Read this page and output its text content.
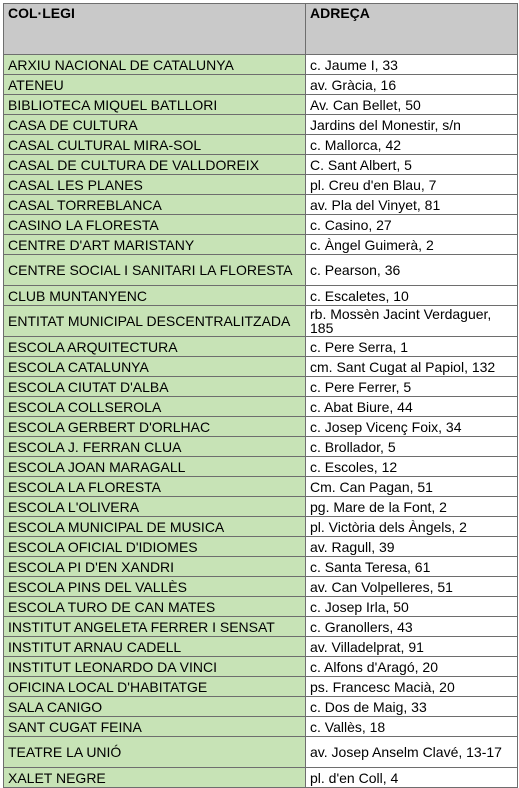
COL·LEGI	ADREÇA
ARXIU NACIONAL DE CATALUNYA	c. Jaume I, 33
ATENEU	av. Gràcia, 16
BIBLIOTECA MIQUEL BATLLORI	Av. Can Bellet, 50
CASA DE CULTURA	Jardins del Monestir, s/n
CASAL CULTURAL MIRA-SOL	c. Mallorca, 42
CASAL DE CULTURA DE VALLDOREIX	C. Sant Albert, 5
CASAL LES PLANES	pl. Creu d'en Blau, 7
CASAL TORREBLANCA	av. Pla del Vinyet, 81
CASINO LA FLORESTA	c. Casino, 27
CENTRE D'ART MARISTANY	c. Àngel Guimerà, 2
CENTRE SOCIAL I SANITARI LA FLORESTA	c. Pearson, 36
CLUB MUNTANYENC	c. Escaletes, 10
ENTITAT MUNICIPAL DESCENTRALITZADA	rb. Mossèn Jacint Verdaguer, 185
ESCOLA ARQUITECTURA	c. Pere Serra, 1
ESCOLA CATALUNYA	cm. Sant Cugat al Papiol, 132
ESCOLA CIUTAT D'ALBA	c. Pere Ferrer, 5
ESCOLA COLLSEROLA	c. Abat Biure, 44
ESCOLA GERBERT D'ORLHAC	c. Josep Vicenç Foix, 34
ESCOLA J. FERRAN CLUA	c. Brollador, 5
ESCOLA JOAN MARAGALL	c. Escoles, 12
ESCOLA LA FLORESTA	Cm. Can Pagan, 51
ESCOLA L'OLIVERA	pg. Mare de la Font, 2
ESCOLA MUNICIPAL DE MUSICA	pl. Victòria dels Àngels, 2
ESCOLA OFICIAL D'IDIOMES	av. Ragull, 39
ESCOLA PI D'EN XANDRI	c. Santa Teresa, 61
ESCOLA PINS DEL VALLÈS	av. Can Volpelleres, 51
ESCOLA TURO DE CAN MATES	c. Josep Irla, 50
INSTITUT ANGELETA FERRER I SENSAT	c. Granollers, 43
INSTITUT ARNAU CADELL	av. Villadelprat, 91
INSTITUT LEONARDO DA VINCI	c. Alfons d'Aragó, 20
OFICINA LOCAL D'HABITATGE	ps. Francesc Macià, 20
SALA CANIGO	c. Dos de Maig, 33
SANT CUGAT FEINA	c. Vallès, 18
TEATRE LA UNIÓ	av. Josep Anselm Clavé, 13-17
XALET NEGRE	pl. d'en Coll, 4
